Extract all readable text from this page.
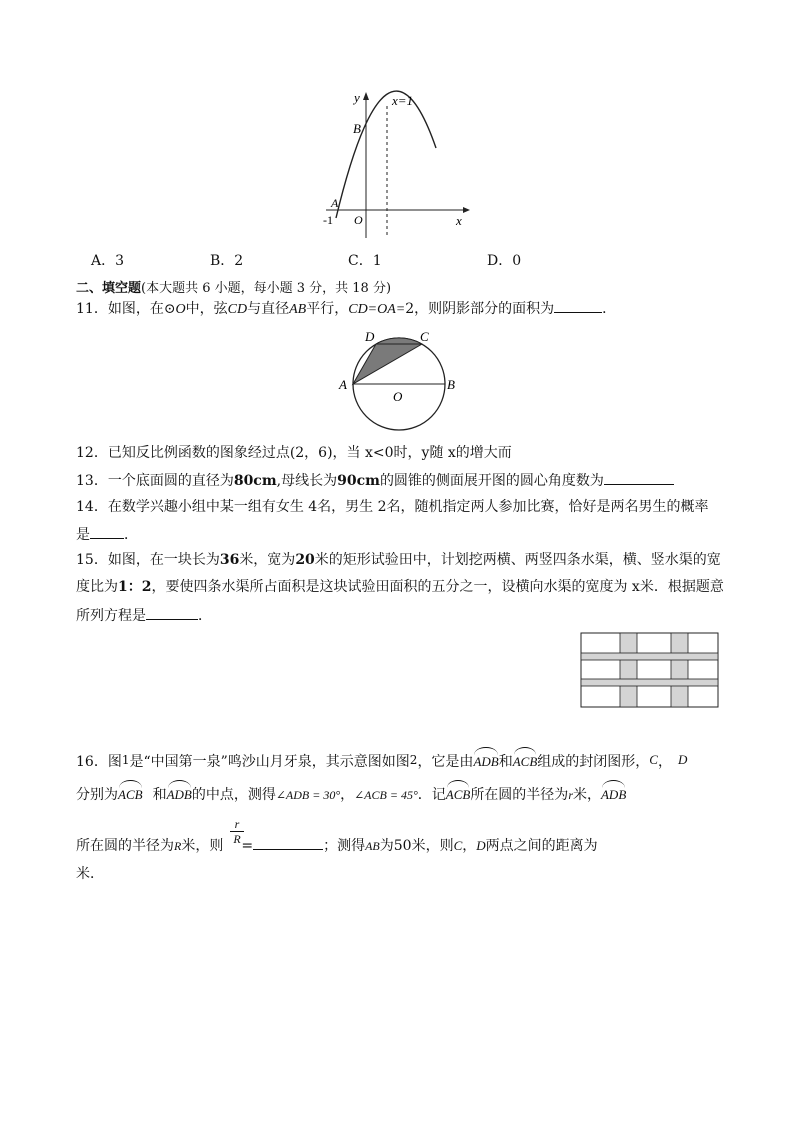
y x=1
B
A
-1 O	x
A．3	B．2	C．1	D．0
二、填空题(本大题共 6 小题，每小题 3 分，共 18 分)
11．如图，在⊙O中，弦CD与直径AB平行，CD=OA=2，则阴影部分的面积为	．
D	C
A	B
O
12．已知反比例函数的图象经过点(2，6)，当 x<0时，y随 x的增大而
13．一个底面圆的直径为80cm,母线长为90cm的圆锥的侧面展开图的圆心角度数为
14．在数学兴趣小组中某一组有女生 4名，男生 2名，随机指定两人参加比赛，恰好是两名男生的概率
是 ．
15．如图，在一块长为36米，宽为20米的矩形试验田中，计划挖两横、两竖四条水渠，横、竖水渠的宽
度比为1：2，要使四条水渠所占面积是这块试验田面积的五分之一，设横向水渠的宽度为 x米．根据题意
所列方程是	．
16．图1是“中国第一泉”鸣沙山月牙泉，其示意图如图2，它是由ADB和ACB组成的封闭图形，C， D
分别为ACB 和ADB的中点，测得∠ADB = 30°，∠ACB = 45°．记ACB所在圆的半径为r米，ADB
$\frac{r}{R}$
所在圆的半径为R米，则 =	；测得AB为50米，则C，D两点之间的距离为
米．
